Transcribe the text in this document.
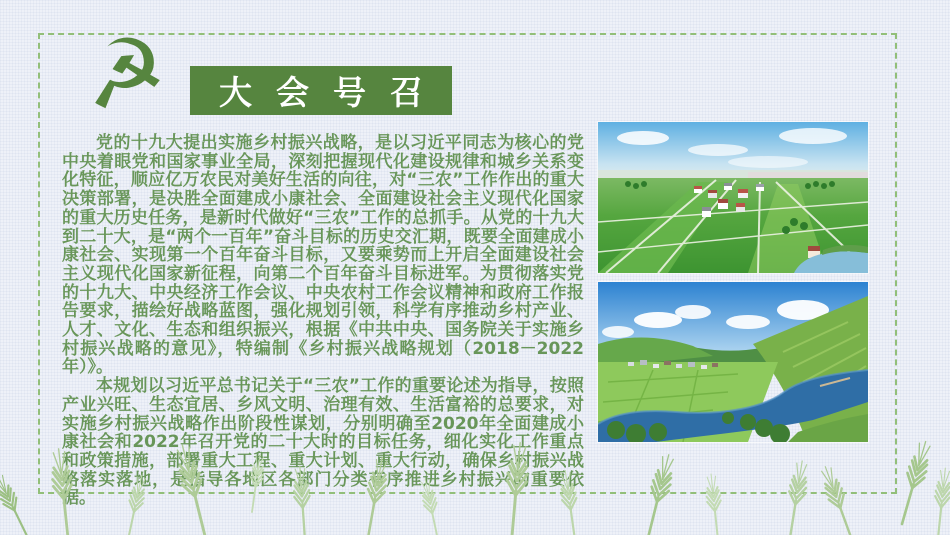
☭ 大会号召

党的十九大提出实施乡村振兴战略，是以习近平同志为核心的党中央着眼党和国家事业全局，深刻把握现代化建设规律和城乡关系变化特征，顺应亿万农民对美好生活的向往，对“三农”工作作出的重大决策部署，是决胜全面建成小康社会、全面建设社会主义现代化国家的重大历史任务，是新时代做好“三农”工作的总抓手。从党的十九大到二十大，是“两个一百年”奋斗目标的历史交汇期，既要全面建成小康社会、实现第一个百年奋斗目标，又要乘势而上开启全面建设社会主义现代化国家新征程，向第二个百年奋斗目标进军。为贯彻落实党的十九大、中央经济工作会议、中央农村工作会议精神和政府工作报告要求，描绘好战略蓝图，强化规划引领，科学有序推动乡村产业、人才、文化、生态和组织振兴，根据《中共中央、国务院关于实施乡村振兴战略的意见》，特编制《乡村振兴战略规划（2018－2022年）》。

本规划以习近平总书记关于“三农”工作的重要论述为指导，按照产业兴旺、生态宜居、乡风文明、治理有效、生活富裕的总要求，对实施乡村振兴战略作出阶段性谋划，分别明确至2020年全面建成小康社会和2022年召开党的二十大时的目标任务，细化实化工作重点和政策措施，部署重大工程、重大计划、重大行动，确保乡村振兴战略落实落地，是指导各地区各部门分类有序推进乡村振兴的重要依据。
